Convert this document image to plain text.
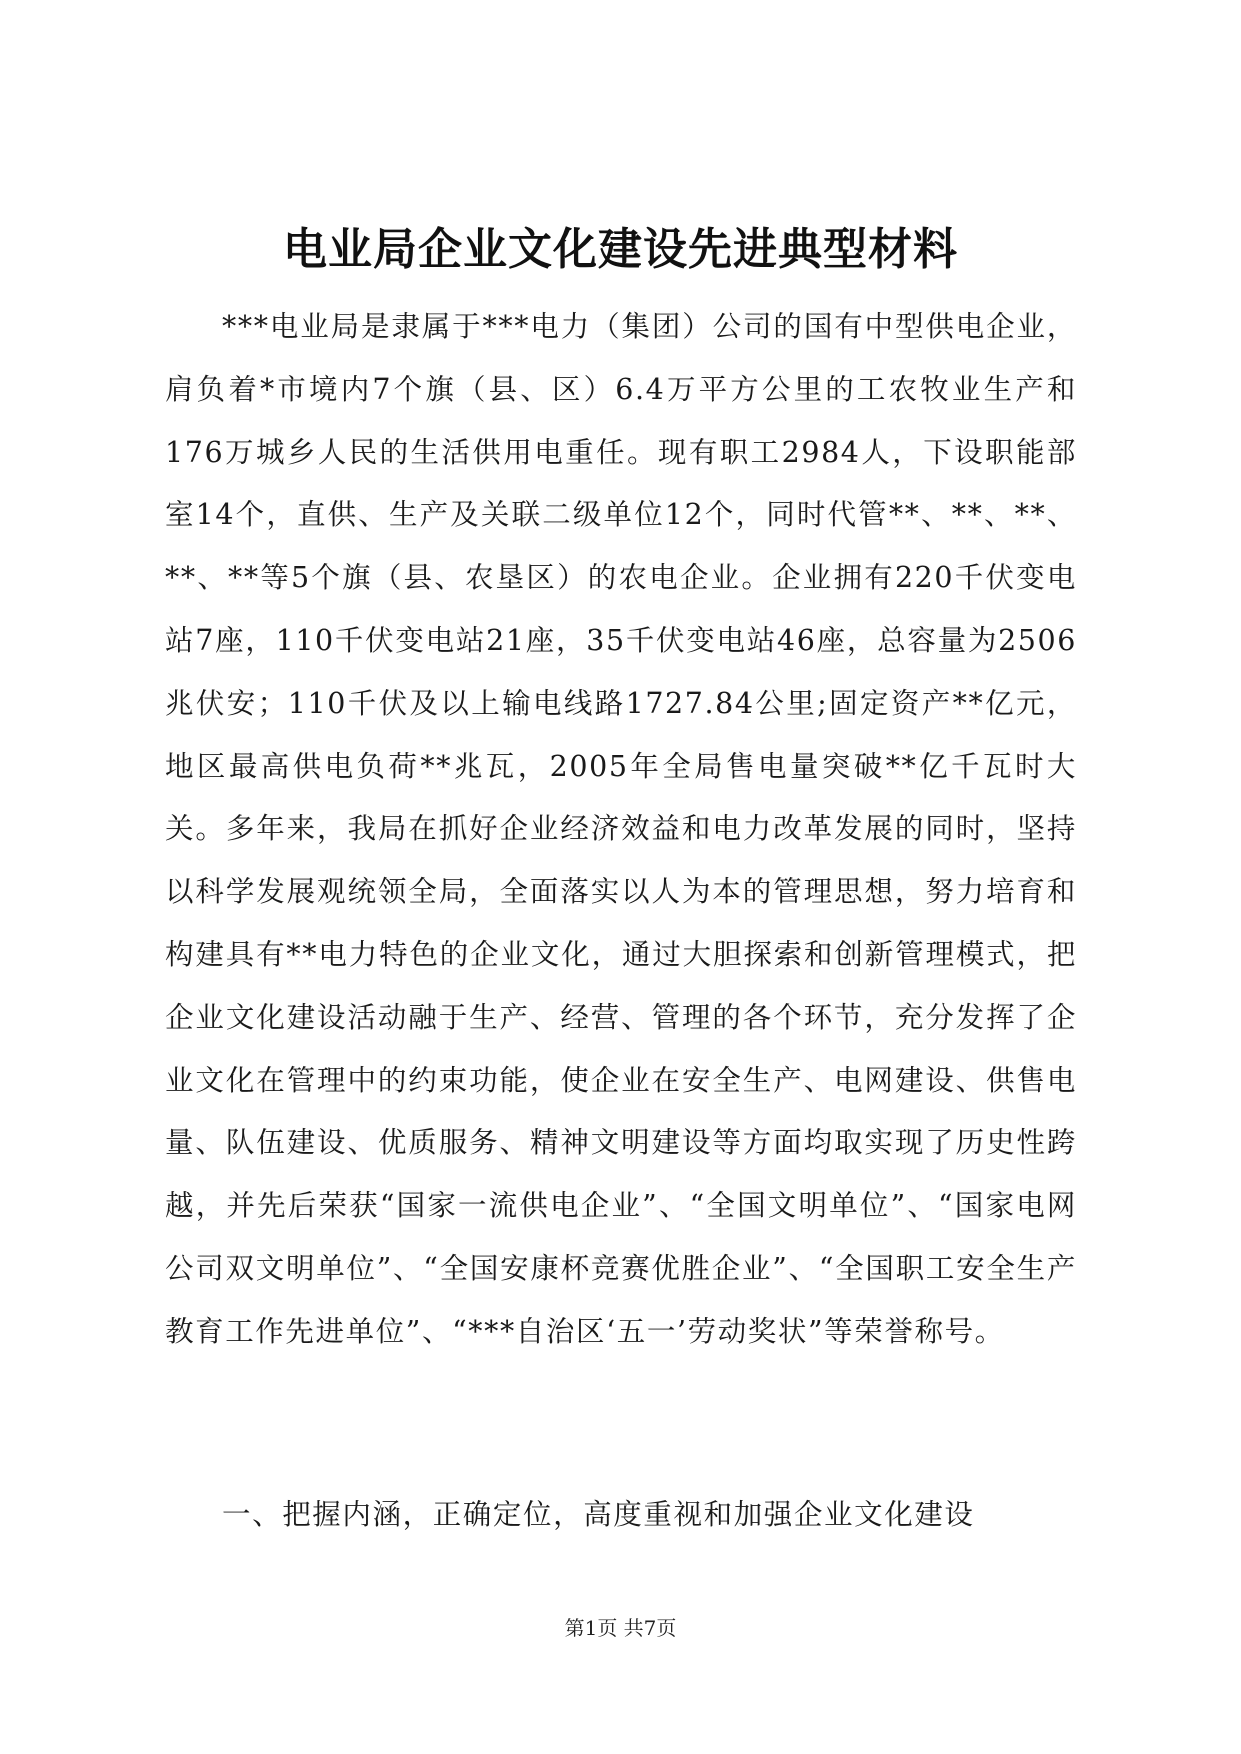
电业局企业文化建设先进典型材料

***电业局是隶属于***电力（集团）公司的国有中型供电企业，肩负着*市境内7个旗（县、区）6.4万平方公里的工农牧业生产和176万城乡人民的生活供用电重任。现有职工2984人，下设职能部室14个，直供、生产及关联二级单位12个，同时代管**、**、**、**、**等5个旗（县、农垦区）的农电企业。企业拥有220千伏变电站7座，110千伏变电站21座，35千伏变电站46座，总容量为2506兆伏安；110千伏及以上输电线路1727.84公里;固定资产**亿元，地区最高供电负荷**兆瓦，2005年全局售电量突破**亿千瓦时大关。多年来，我局在抓好企业经济效益和电力改革发展的同时，坚持以科学发展观统领全局，全面落实以人为本的管理思想，努力培育和构建具有**电力特色的企业文化，通过大胆探索和创新管理模式，把企业文化建设活动融于生产、经营、管理的各个环节，充分发挥了企业文化在管理中的约束功能，使企业在安全生产、电网建设、供售电量、队伍建设、优质服务、精神文明建设等方面均取实现了历史性跨越，并先后荣获“国家一流供电企业”、“全国文明单位”、“国家电网公司双文明单位”、“全国安康杯竞赛优胜企业”、“全国职工安全生产教育工作先进单位”、“***自治区‘五一’劳动奖状”等荣誉称号。

一、把握内涵，正确定位，高度重视和加强企业文化建设

第1页 共7页
